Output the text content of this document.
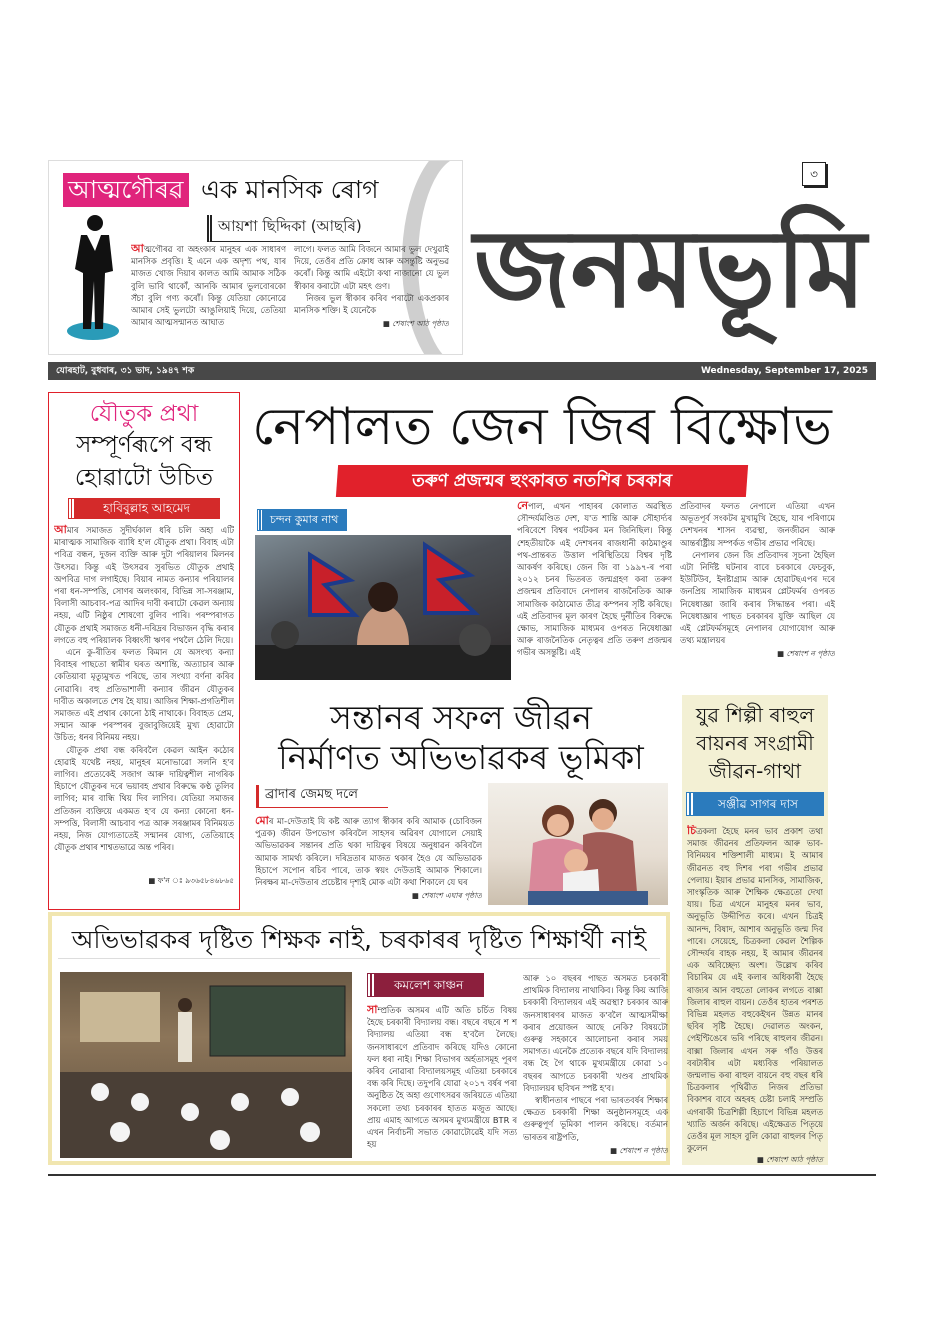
আত্মগৌৰৱ এক মানসিক ৰোগ
আয়শা ছিদ্দিকা (আছৰি)

আত্মগৌৰৱ বা অহংকাৰ মানুহৰ এক সাধাৰণ মানসিক প্ৰবৃত্তি। ই এনে এক অদৃশ্য পথ, যাৰ মাজত খোজ দিয়াৰ কালত আমি আমাক সঠিক বুলি ভাবি থাকোঁ, আনকি আমাৰ ভুলবোৰকো সঁচা বুলি গণ্য কৰোঁ। কিন্তু যেতিয়া কোনোৱে আমাৰ সেই ভুলটো আঙুলিয়াই দিয়ে, তেতিয়া আমাৰ আত্মসন্মানত আঘাত

লাগে। ফলত আমি বিজনে আমাৰ ভুল দেখুৱাই দিয়ে, তেওঁৰ প্ৰতি ক্ৰোধ আৰু অসন্তুষ্টি অনুভৱ কৰোঁ। কিন্তু আমি এইটো কথা নাজানো যে ভুল স্বীকাৰ কৰাটো এটা মহৎ গুণ।

নিজৰ ভুল স্বীকাৰ কৰিব পৰাটো একপ্ৰকাৰ মানসিক শক্তি। ই যেনেকৈ

■ শেষাংশ আঠ পৃষ্ঠাত
৩
জনমভূমি
যোৰহাট, বুধবাৰ, ৩১ ভাদ, ১৯৪৭ শক	Wednesday, September 17, 2025
যৌতুক প্ৰথা
সম্পূৰ্ণৰূপে বন্ধ হোৱাটো উচিত
হাবিবুল্লাহ আহমেদ

আমাৰ সমাজত সুদীৰ্ঘকাল ধৰি চলি অহা এটি মাৰাত্মক সামাজিক ব্যাধি হ'ল যৌতুক প্ৰথা। বিবাহ এটা পবিত্ৰ বন্ধন, দুজন ব্যক্তি আৰু দুটা পৰিয়ালৰ মিলনৰ উৎসৱ। কিন্তু এই উৎসৱৰ সুৰভিত যৌতুক প্ৰথাই অপবিত্ৰ দাগ লগাইছে। বিয়াৰ নামত কন্যাৰ পৰিয়ালৰ পৰা ধন-সম্পত্তি, সোণৰ অলংকাৰ, বিভিন্ন সা-সৰঞ্জাম, বিলাসী আচবাব-পত্ৰ আদিৰ দাবী কৰাটো কেৱল অন্যায় নহয়, এটি নিষ্ঠুৰ শোষণো বুলিব পাৰি। পৰম্পৰাগত যৌতুক প্ৰথাই সমাজত ধনী-দৰিদ্ৰৰ বিভাজন বৃদ্ধি কৰাৰ লগতে বহু পৰিয়ালক বিধ্বংসী ঋণৰ পথলৈ ঠেলি দিয়ে।

এনে কু-ৰীতিৰ ফলত কিমান যে অসংখ্য কন্যা বিবাহৰ পাছতো স্বামীৰ ঘৰত অশান্তি, অত্যাচাৰ আৰু কেতিয়াবা মৃত্যুমুখত পৰিছে, তাৰ সংখ্যা বৰ্ণনা কৰিব নোৱাৰি। বহু প্ৰতিভাশালী কন্যাৰ জীৱন যৌতুকৰ দাবীত অকালতে শেষ হৈ যায়। আজিৰ শিক্ষা-প্ৰগতিশীল সমাজত এই প্ৰথাৰ কোনো ঠাই নাথাকে। বিবাহত প্ৰেম, সন্মান আৰু পৰস্পৰৰ বুজাবুজিয়েই মুখ্য হোৱাটো উচিত; ধনৰ বিনিময় নহয়।

যৌতুক প্ৰথা বন্ধ কৰিবলৈ কেৱল আইন কঠোৰ হোৱাই যথেষ্ট নহয়, মানুহৰ মনোভাৱো সলনি হ'ব লাগিব। প্ৰত্যেকেই সজাগ আৰু দায়িত্বশীল নাগৰিক হিচাপে যৌতুকৰ দৰে ভয়াবহ প্ৰথাৰ বিৰুদ্ধে কণ্ঠ তুলিব লাগিব; মাৰ বান্ধি থিয় দিব লাগিব। যেতিয়া সমাজৰ প্ৰতিজন ব্যক্তিয়ে একমত হ'ব যে কন্যা কোনো ধন-সম্পত্তি, বিলাসী আচবাব পত্ৰ আৰু সৰঞ্জামৰ বিনিময়ত নহয়, নিজ যোগ্যতাতেই সন্মানৰ যোগ্য, তেতিয়াহে যৌতুক প্ৰথাৰ শাশ্বতভাৱে অন্ত পৰিব।

■ ফ'ন ঃ ৯৩৬৫৮৪৬৮৬৫
নেপালত জেন জিৰ বিক্ষোভ
তৰুণ প্ৰজন্মৰ হুংকাৰত নতশিৰ চৰকাৰ
চন্দন কুমাৰ নাথ

নেপাল, এখন পাহাৰৰ কোলাত অৱস্থিত সৌন্দৰ্যমণ্ডিত দেশ, য'ত শান্তি আৰু সৌহাৰ্দ্যৰ পৰিবেশে বিশ্বৰ পৰ্যটকৰ মন জিনিছিল। কিন্তু শেহতীয়াকৈ এই দেশখনৰ ৰাজধানী কাঠমাণ্ডুৰ পথ-প্ৰান্তৰত উত্তাল পৰিস্থিতিয়ে বিশ্বৰ দৃষ্টি আকৰ্ষণ কৰিছে। জেন জি বা ১৯৯৭-ৰ পৰা ২০১২ চনৰ ভিতৰত জন্মগ্ৰহণ কৰা তৰুণ প্ৰজন্মৰ প্ৰতিবাদে নেপালৰ ৰাজনৈতিক আৰু সামাজিক কাঠামোত তীব্ৰ কম্পনৰ সৃষ্টি কৰিছে। এই প্ৰতিবাদৰ মূল কাৰণ হৈছে দুৰ্নীতিৰ বিৰুদ্ধে ক্ষোভ, সামাজিক মাধ্যমৰ ওপৰত নিষেধাজ্ঞা আৰু ৰাজনৈতিক নেতৃত্বৰ প্ৰতি তৰুণ প্ৰজন্মৰ গভীৰ অসন্তুষ্টি। এই

প্ৰতিবাদৰ ফলত নেপালে এতিয়া এখন অভূতপূৰ্ব সংকটৰ মুখামুখি হৈছে, যাৰ পৰিণামে দেশখনৰ শাসন ব্যৱস্থা, জনজীৱন আৰু আন্তৰ্ৰাষ্ট্ৰীয় সম্পৰ্কত গভীৰ প্ৰভাৱ পৰিছে।

নেপালৰ জেন জি প্ৰতিবাদৰ সূচনা হৈছিল এটা নিৰ্দিষ্ট ঘটনাৰ বাবে চৰকাৰে ফেচবুক, ইউটিউব, ইনষ্টাগ্ৰাম আৰু হোৱাটছএপৰ দৰে জনপ্ৰিয় সামাজিক মাধ্যমৰ প্লেটফৰ্মৰ ওপৰত নিষেধাজ্ঞা জাৰি কৰাৰ সিদ্ধান্তৰ পৰা। এই নিষেধাজ্ঞাৰ পাছত চৰকাৰৰ যুক্তি আছিল যে এই প্লেটফৰ্মসমূহে নেপালৰ যোগাযোগ আৰু তথ্য মন্ত্ৰালয়ৰ

■ শেষাংশ ন পৃষ্ঠাত
সন্তানৰ সফল জীৱন
নিৰ্মাণত অভিভাৱকৰ ভূমিকা
ব্ৰাদাৰ জেমছ দলে

মোৰ মা-দেউতাই যি কষ্ট আৰু ত্যাগ স্বীকাৰ কৰি আমাক (চোবিজন পুত্ৰক) জীৱন উপভোগ কৰিবলৈ সাহসৰ অৱিৰণ যোগালে সেয়াই অভিভাৱকৰ সন্তানৰ প্ৰতি থকা দায়িত্বৰ বিষয়ে অনুধাৱন কৰিবলৈ আমাক সামৰ্থ্য কৰিলে। দৰিদ্ৰতাৰ মাজত থকাৰ হৈও যে অভিভাৱক হিচাপে সপোন ৰচিব পাৰে, তাক স্বয়ং দেউতাই আমাক শিকালে। নিৰক্ষৰ মা-দেউতাৰ প্ৰচেষ্টাৰ দৃশ্যই মোক এটা কথা শিকালে যে ঘৰ

■ শেষাংশ এঘাৰ পৃষ্ঠাত
যুৱ শিল্পী ৰাহুল বায়নৰ সংগ্ৰামী জীৱন-গাথা
সঞ্জীৱ সাগৰ দাস

চিত্ৰকলা হৈছে মনৰ ভাব প্ৰকাশ তথা সমাজ জীৱনৰ প্ৰতিফলন আৰু ভাব-বিনিময়ৰ শক্তিশালী মাধ্যম। ই আমাৰ জীৱনত বহু দিশৰ পৰা গভীৰ প্ৰভাৱ পেলায়। ইয়াৰ প্ৰভাৱ মানসিক, সামাজিক, সাংস্কৃতিক আৰু শৈক্ষিক ক্ষেত্ৰতো দেখা যায়। চিত্ৰ এখনে মানুহৰ মনৰ ভাব, অনুভূতি উদ্দীপিত কৰে। এখন চিত্ৰই আনন্দ, বিষাদ, আশাৰ অনুভূতি জন্ম দিব পাৰে। সেয়েহে, চিত্ৰকলা কেৱল শৈল্পিক সৌন্দৰ্যৰ বাহক নহয়, ই আমাৰ জীৱনৰ এক অবিচ্ছেদ্য অংশ। উল্লেখ কৰিব বিচাৰিম যে এই কলাৰ অধিকাৰী হৈছে ৰাজ্যৰ আন বহুতো লোকৰ লগতে বাক্সা জিলাৰ ৰাহুল বায়ন। তেওঁৰ হাতৰ পৰশত বিভিন্ন মহলত বহুকেইখন উন্নত মানৰ ছবিৰ সৃষ্টি হৈছে। দেৱালত অংকন, পেইণ্টিঙেৰে ভৰি পৰিছে ৰাহুলৰ জীৱন। বাক্সা জিলাৰ এখন সৰু গাঁও উত্তৰ বৰটাৰীৰ এটা মধ্যবিত্ত পৰিয়ালত জন্মলাভ কৰা ৰাহুল বায়নে বহু বছৰ ধৰি চিত্ৰকলাৰ পৃথিৱীত নিজৰ প্ৰতিভা বিকাশৰ বাবে অহৰহ চেষ্টা চলাই সম্প্ৰতি এগৰাকী চিত্ৰশিল্পী হিচাপে বিভিন্ন মহলত খ্যাতি অৰ্জন কৰিছে। এইক্ষেত্ৰত পিতৃয়ে তেওঁৰ মূল সাহস বুলি কোৱা ৰাহুলৰ পিতৃ কুলেন

■ শেষাংশ আঠ পৃষ্ঠাত
অভিভাৱকৰ দৃষ্টিত শিক্ষক নাই, চৰকাৰৰ দৃষ্টিত শিক্ষাৰ্থী নাই
কমলেশ কাঞ্চন

সাম্প্ৰতিক অসমৰ এটি অতি চৰ্চিত বিষয় হৈছে চৰকাৰী বিদ্যালয় বন্ধ। বছৰে বছৰে শ শ বিদ্যালয় এতিয়া বন্ধ হ'বলৈ লৈছে। জনসাধাৰণে প্ৰতিবাদ কৰিছে যদিও কোনো ফল ধৰা নাই। শিক্ষা বিভাগৰ অৰ্হতাসমূহ পূৰণ কৰিব নোৱাৰা বিদ্যালয়সমূহ এতিয়া চৰকাৰে বন্ধ কৰি দিছে। তদুপৰি যোৱা ২০১৭ বৰ্ষৰ পৰা অনুষ্ঠিত হৈ অহা গুণোৎসৱৰ জৰিয়তে এতিয়া সকলো তথ্য চৰকাৰৰ হাতত মজুত আছে। প্ৰায় এমাহ আগতে অসমৰ মুখ্যমন্ত্ৰীয়ে BTR ৰ এখন নিৰ্বাচনী সভাত কোৱাটোৱেই যদি সত্য হয়

আৰু ১০ বছৰৰ পাছত অসমত চৰকাৰী প্ৰাথমিক বিদ্যালয় নাথাকিব। কিন্তু কিয় আজি চৰকাৰী বিদ্যালয়ৰ এই অৱস্থা? চৰকাৰ আৰু জনসাধাৰণৰ মাজত ক'বলৈ আত্মসমীক্ষা কৰাৰ প্ৰয়োজন আছে নেকি? বিষয়টো গুৰুত্ব সহকাৰে আলোচনা কৰাৰ সময় সমাগত। এনেকৈ প্ৰত্যেক বছৰে যদি বিদ্যালয় বন্ধ হৈ গৈ থাকে মুখ্যমন্ত্ৰীয়ে কোৱা ১০ বছৰৰ আগতে চৰকাৰী খণ্ডৰ প্ৰাথমিক বিদ্যালয়ৰ ছবিখন স্পষ্ট হ'ব।

স্বাধীনতাৰ পাছৰে পৰা ভাৰতবৰ্ষৰ শিক্ষাৰ ক্ষেত্ৰত চৰকাৰী শিক্ষা অনুষ্ঠানসমূহে এক গুৰুত্বপূৰ্ণ ভূমিকা পালন কৰিছে। বৰ্তমান ভাৰতৰ ৰাষ্ট্ৰপতি,

■ শেষাংশ ন পৃষ্ঠাত
